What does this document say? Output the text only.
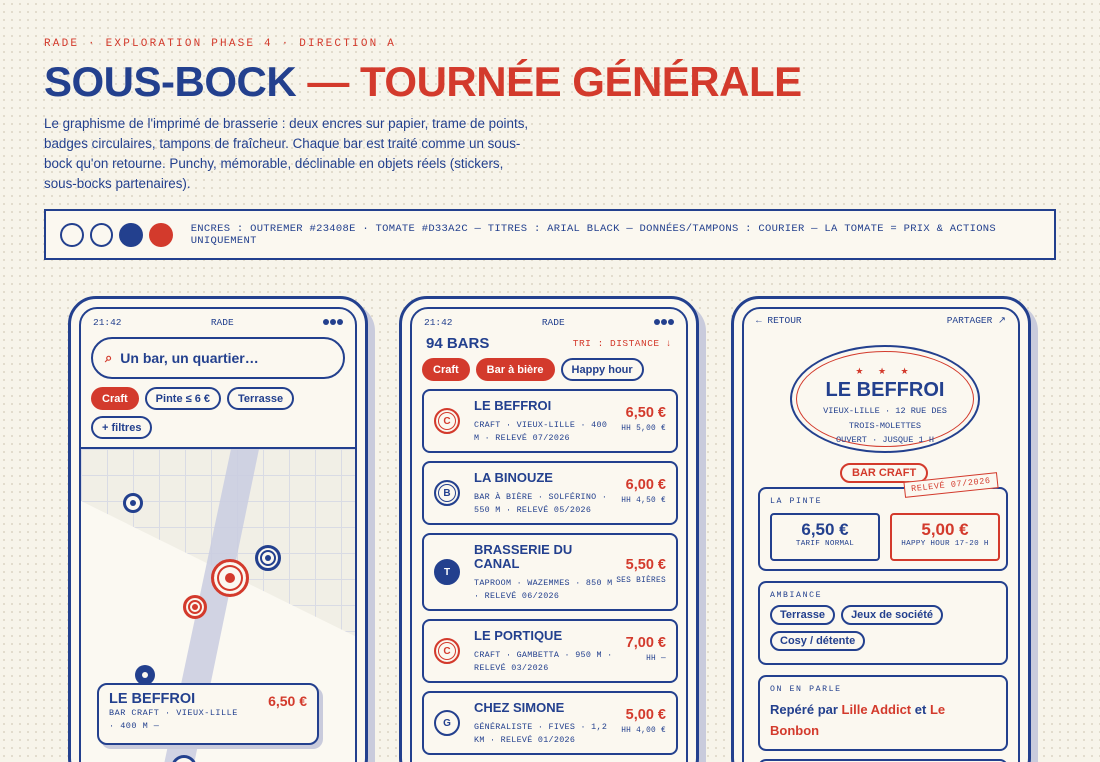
RADE · EXPLORATION PHASE 4 · DIRECTION A
SOUS-BOCK — TOURNÉE GÉNÉRALE
Le graphisme de l'imprimé de brasserie : deux encres sur papier, trame de points, badges circulaires, tampons de fraîcheur. Chaque bar est traité comme un sous-bock qu'on retourne. Punchy, mémorable, déclinable en objets réels (stickers, sous-bocks partenaires).
ENCRES : OUTREMER #23408E · TOMATE #D33A2C — TITRES : ARIAL BLACK — DONNÉES/TAMPONS : COURIER — LA TOMATE = PRIX & ACTIONS UNIQUEMENT
21:42	RADE
⌕ Un bar, un quartier…
Craft	Pinte ≤ 6 €	Terrasse
+ filtres
LE BEFFROI
BAR CRAFT · VIEUX-LILLE · 400 M —
6,50 €
21:42	RADE
94 BARS	TRI : DISTANCE ↓
Craft	Bar à bière	Happy hour
C
LE BEFFROI
CRAFT · VIEUX-LILLE · 400 M · RELEVÉ 07/2026
6,50 €
HH 5,00 €
B
LA BINOUZE
BAR À BIÈRE · SOLFÉRINO · 550 M · RELEVÉ 05/2026
6,00 €
HH 4,50 €
T
BRASSERIE DU CANAL
TAPROOM · WAZEMMES · 850 M · RELEVÉ 06/2026
5,50 €
SES BIÈRES
C
LE PORTIQUE
CRAFT · GAMBETTA · 950 M · RELEVÉ 03/2026
7,00 €
HH —
G
CHEZ SIMONE
GÉNÉRALISTE · FIVES · 1,2 KM · RELEVÉ 01/2026
5,00 €
HH 4,00 €
← RETOUR	PARTAGER ↗
★ ★ ★
LE BEFFROI
VIEUX-LILLE · 12 RUE DES TROIS-MOLETTES
OUVERT · JUSQUE 1 H
BAR CRAFT
RELEVÉ 07/2026
LA PINTE
6,50 €
TARIF NORMAL
5,00 €
HAPPY HOUR 17-20 H
AMBIANCE
Terrasse	Jeux de société
Cosy / détente
ON EN PARLE
Repéré par Lille Addict et Le Bonbon
